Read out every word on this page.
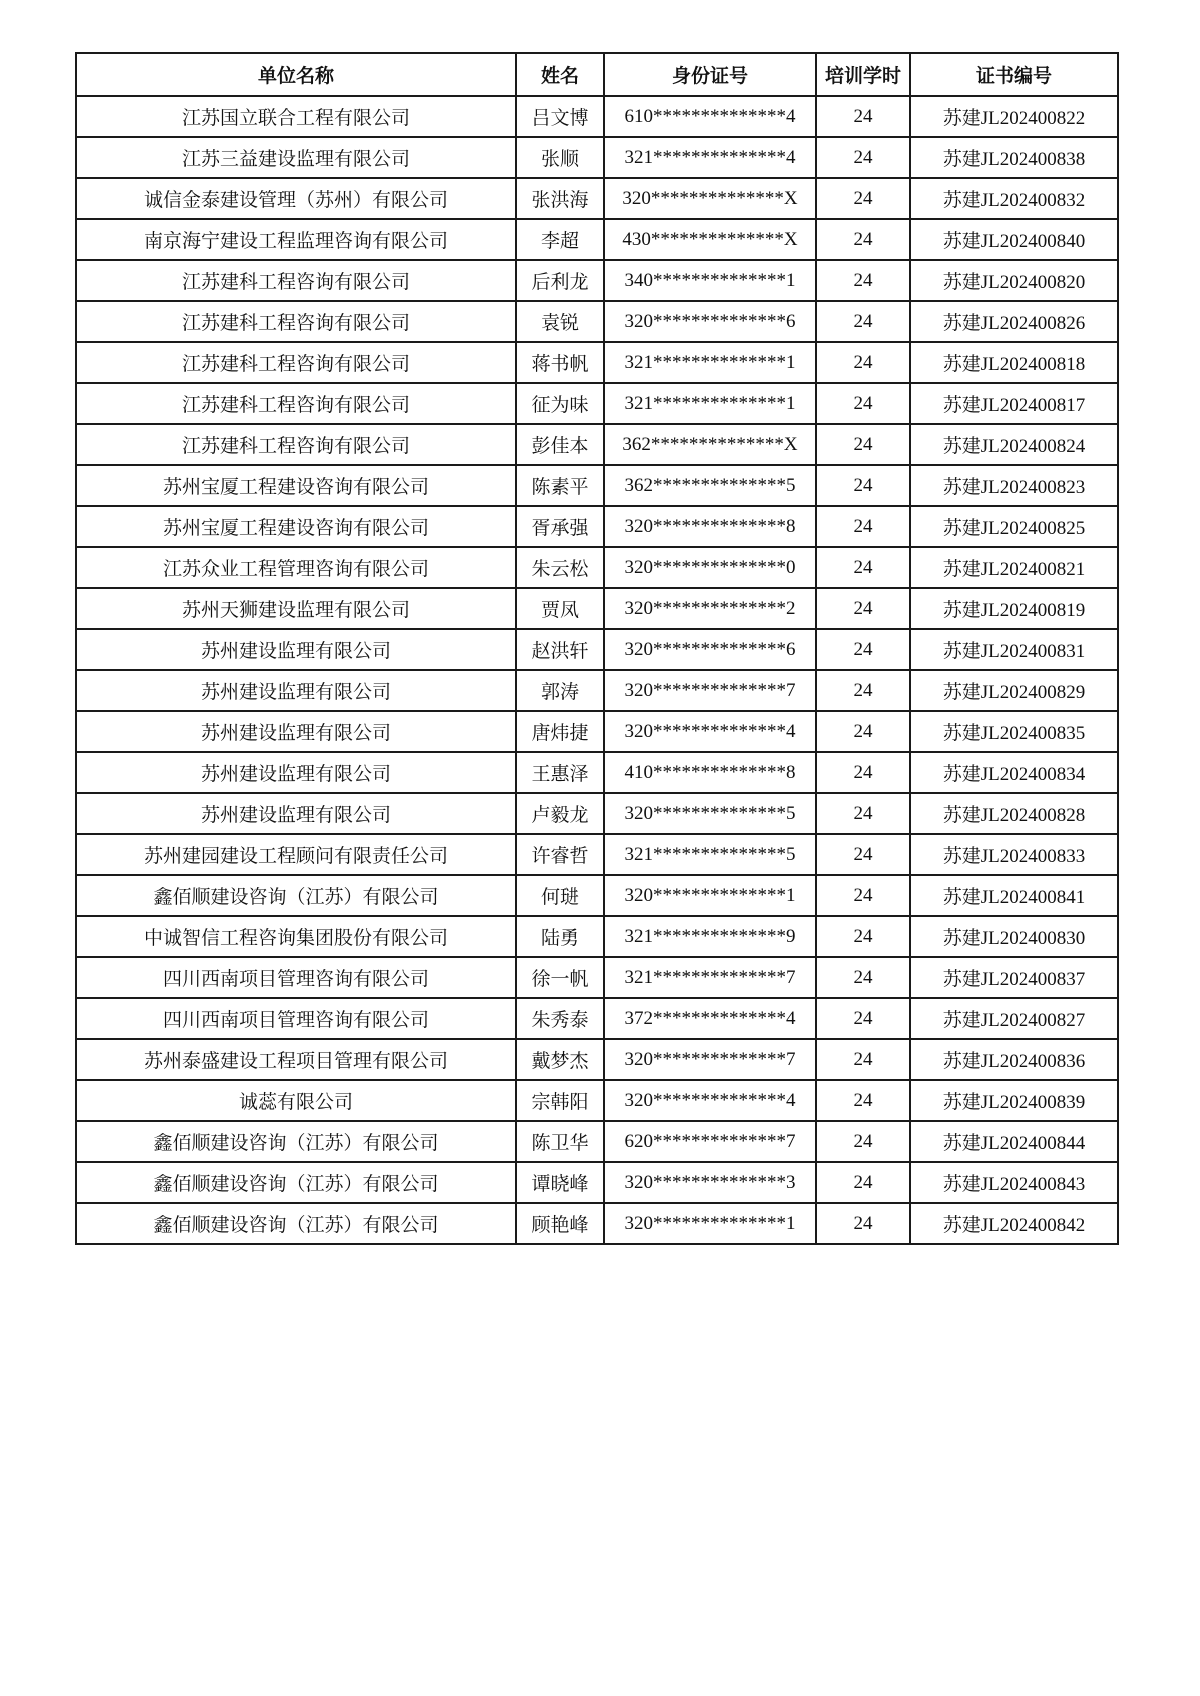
单位名称	姓名	身份证号	培训学时	证书编号
江苏国立联合工程有限公司	吕文博	610**************4	24	苏建JL202400822
江苏三益建设监理有限公司	张顺	321**************4	24	苏建JL202400838
诚信金泰建设管理（苏州）有限公司	张洪海	320**************X	24	苏建JL202400832
南京海宁建设工程监理咨询有限公司	李超	430**************X	24	苏建JL202400840
江苏建科工程咨询有限公司	后利龙	340**************1	24	苏建JL202400820
江苏建科工程咨询有限公司	袁锐	320**************6	24	苏建JL202400826
江苏建科工程咨询有限公司	蒋书帆	321**************1	24	苏建JL202400818
江苏建科工程咨询有限公司	征为味	321**************1	24	苏建JL202400817
江苏建科工程咨询有限公司	彭佳本	362**************X	24	苏建JL202400824
苏州宝厦工程建设咨询有限公司	陈素平	362**************5	24	苏建JL202400823
苏州宝厦工程建设咨询有限公司	胥承强	320**************8	24	苏建JL202400825
江苏众业工程管理咨询有限公司	朱云松	320**************0	24	苏建JL202400821
苏州天狮建设监理有限公司	贾凤	320**************2	24	苏建JL202400819
苏州建设监理有限公司	赵洪轩	320**************6	24	苏建JL202400831
苏州建设监理有限公司	郭涛	320**************7	24	苏建JL202400829
苏州建设监理有限公司	唐炜捷	320**************4	24	苏建JL202400835
苏州建设监理有限公司	王惠泽	410**************8	24	苏建JL202400834
苏州建设监理有限公司	卢毅龙	320**************5	24	苏建JL202400828
苏州建园建设工程顾问有限责任公司	许睿哲	321**************5	24	苏建JL202400833
鑫佰顺建设咨询（江苏）有限公司	何琎	320**************1	24	苏建JL202400841
中诚智信工程咨询集团股份有限公司	陆勇	321**************9	24	苏建JL202400830
四川西南项目管理咨询有限公司	徐一帆	321**************7	24	苏建JL202400837
四川西南项目管理咨询有限公司	朱秀泰	372**************4	24	苏建JL202400827
苏州泰盛建设工程项目管理有限公司	戴梦杰	320**************7	24	苏建JL202400836
诚蕊有限公司	宗韩阳	320**************4	24	苏建JL202400839
鑫佰顺建设咨询（江苏）有限公司	陈卫华	620**************7	24	苏建JL202400844
鑫佰顺建设咨询（江苏）有限公司	谭晓峰	320**************3	24	苏建JL202400843
鑫佰顺建设咨询（江苏）有限公司	顾艳峰	320**************1	24	苏建JL202400842
